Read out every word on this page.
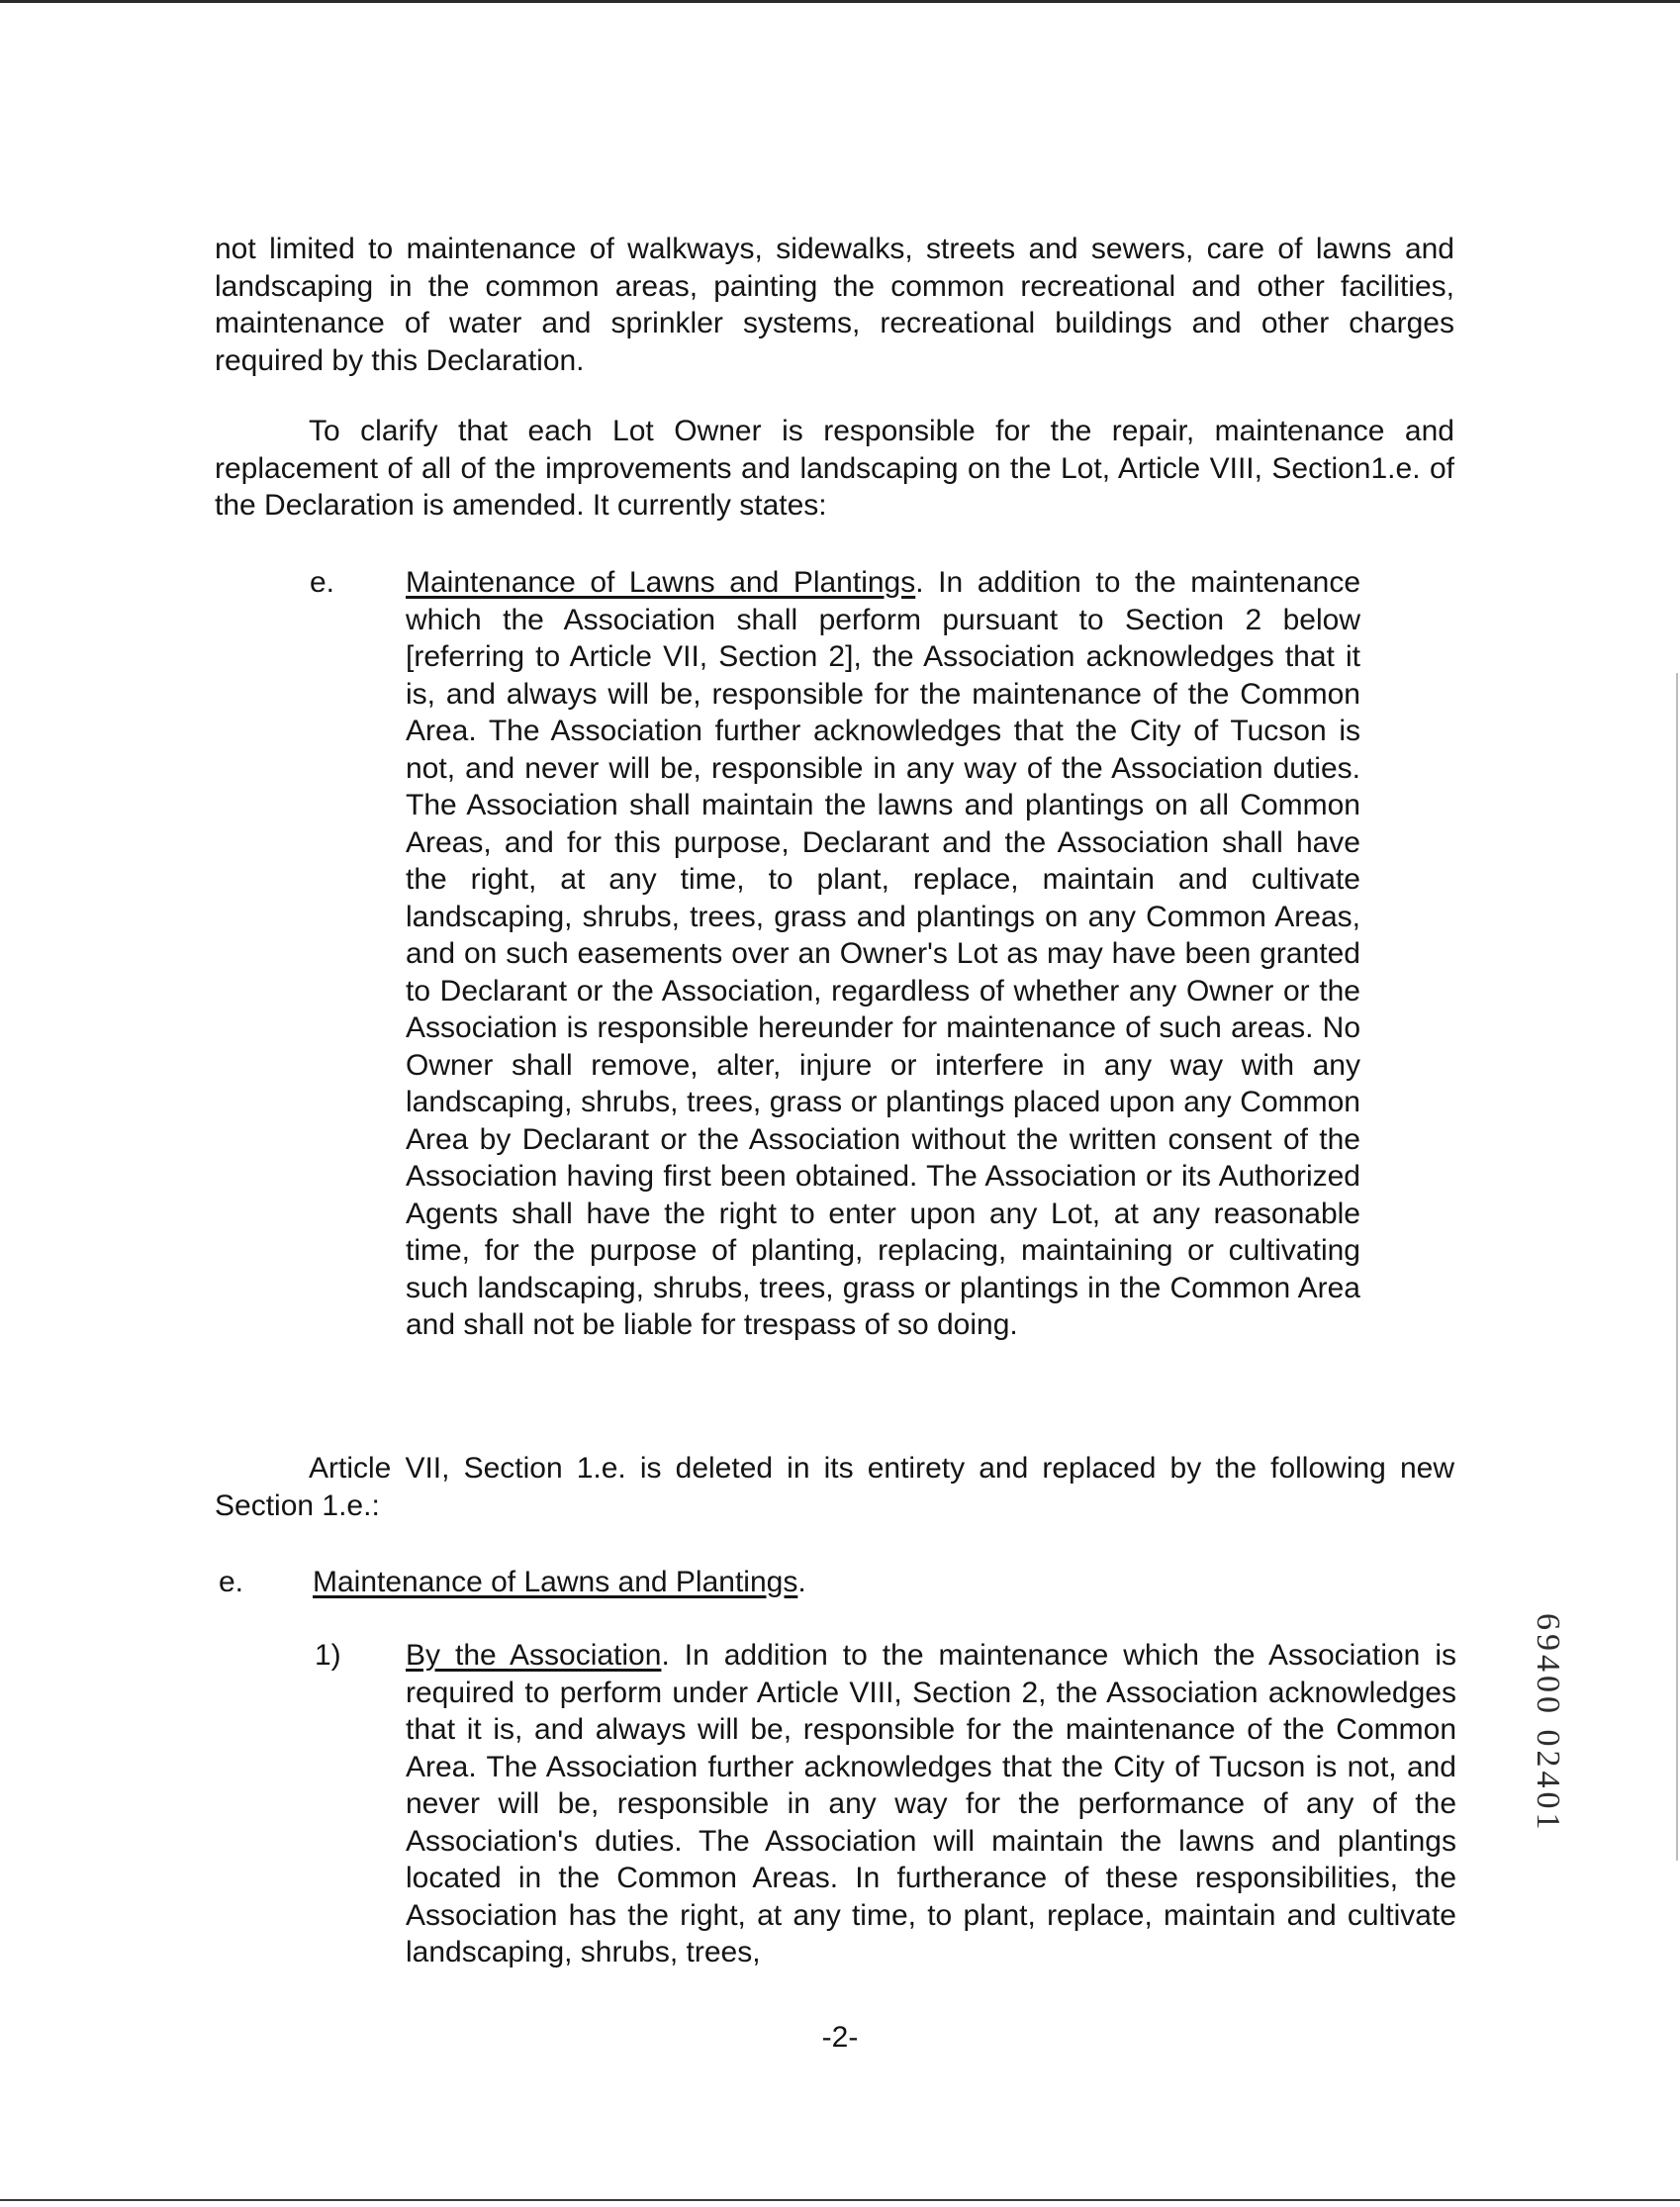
not limited to maintenance of walkways, sidewalks, streets and sewers, care of lawns and landscaping in the common areas, painting the common recreational and other facilities, maintenance of water and sprinkler systems, recreational buildings and other charges required by this Declaration.

To clarify that each Lot Owner is responsible for the repair, maintenance and replacement of all of the improvements and landscaping on the Lot, Article VIII, Section1.e. of the Declaration is amended. It currently states:

e. Maintenance of Lawns and Plantings. In addition to the maintenance which the Association shall perform pursuant to Section 2 below [referring to Article VII, Section 2], the Association acknowledges that it is, and always will be, responsible for the maintenance of the Common Area. The Association further acknowledges that the City of Tucson is not, and never will be, responsible in any way of the Association duties. The Association shall maintain the lawns and plantings on all Common Areas, and for this purpose, Declarant and the Association shall have the right, at any time, to plant, replace, maintain and cultivate landscaping, shrubs, trees, grass and plantings on any Common Areas, and on such easements over an Owner's Lot as may have been granted to Declarant or the Association, regardless of whether any Owner or the Association is responsible hereunder for maintenance of such areas. No Owner shall remove, alter, injure or interfere in any way with any landscaping, shrubs, trees, grass or plantings placed upon any Common Area by Declarant or the Association without the written consent of the Association having first been obtained. The Association or its Authorized Agents shall have the right to enter upon any Lot, at any reasonable time, for the purpose of planting, replacing, maintaining or cultivating such landscaping, shrubs, trees, grass or plantings in the Common Area and shall not be liable for trespass of so doing.

Article VII, Section 1.e. is deleted in its entirety and replaced by the following new Section 1.e.:

e. Maintenance of Lawns and Plantings.

1) By the Association. In addition to the maintenance which the Association is required to perform under Article VIII, Section 2, the Association acknowledges that it is, and always will be, responsible for the maintenance of the Common Area. The Association further acknowledges that the City of Tucson is not, and never will be, responsible in any way for the performance of any of the Association's duties. The Association will maintain the lawns and plantings located in the Common Areas. In furtherance of these responsibilities, the Association has the right, at any time, to plant, replace, maintain and cultivate landscaping, shrubs, trees,

69400 02401
-2-
